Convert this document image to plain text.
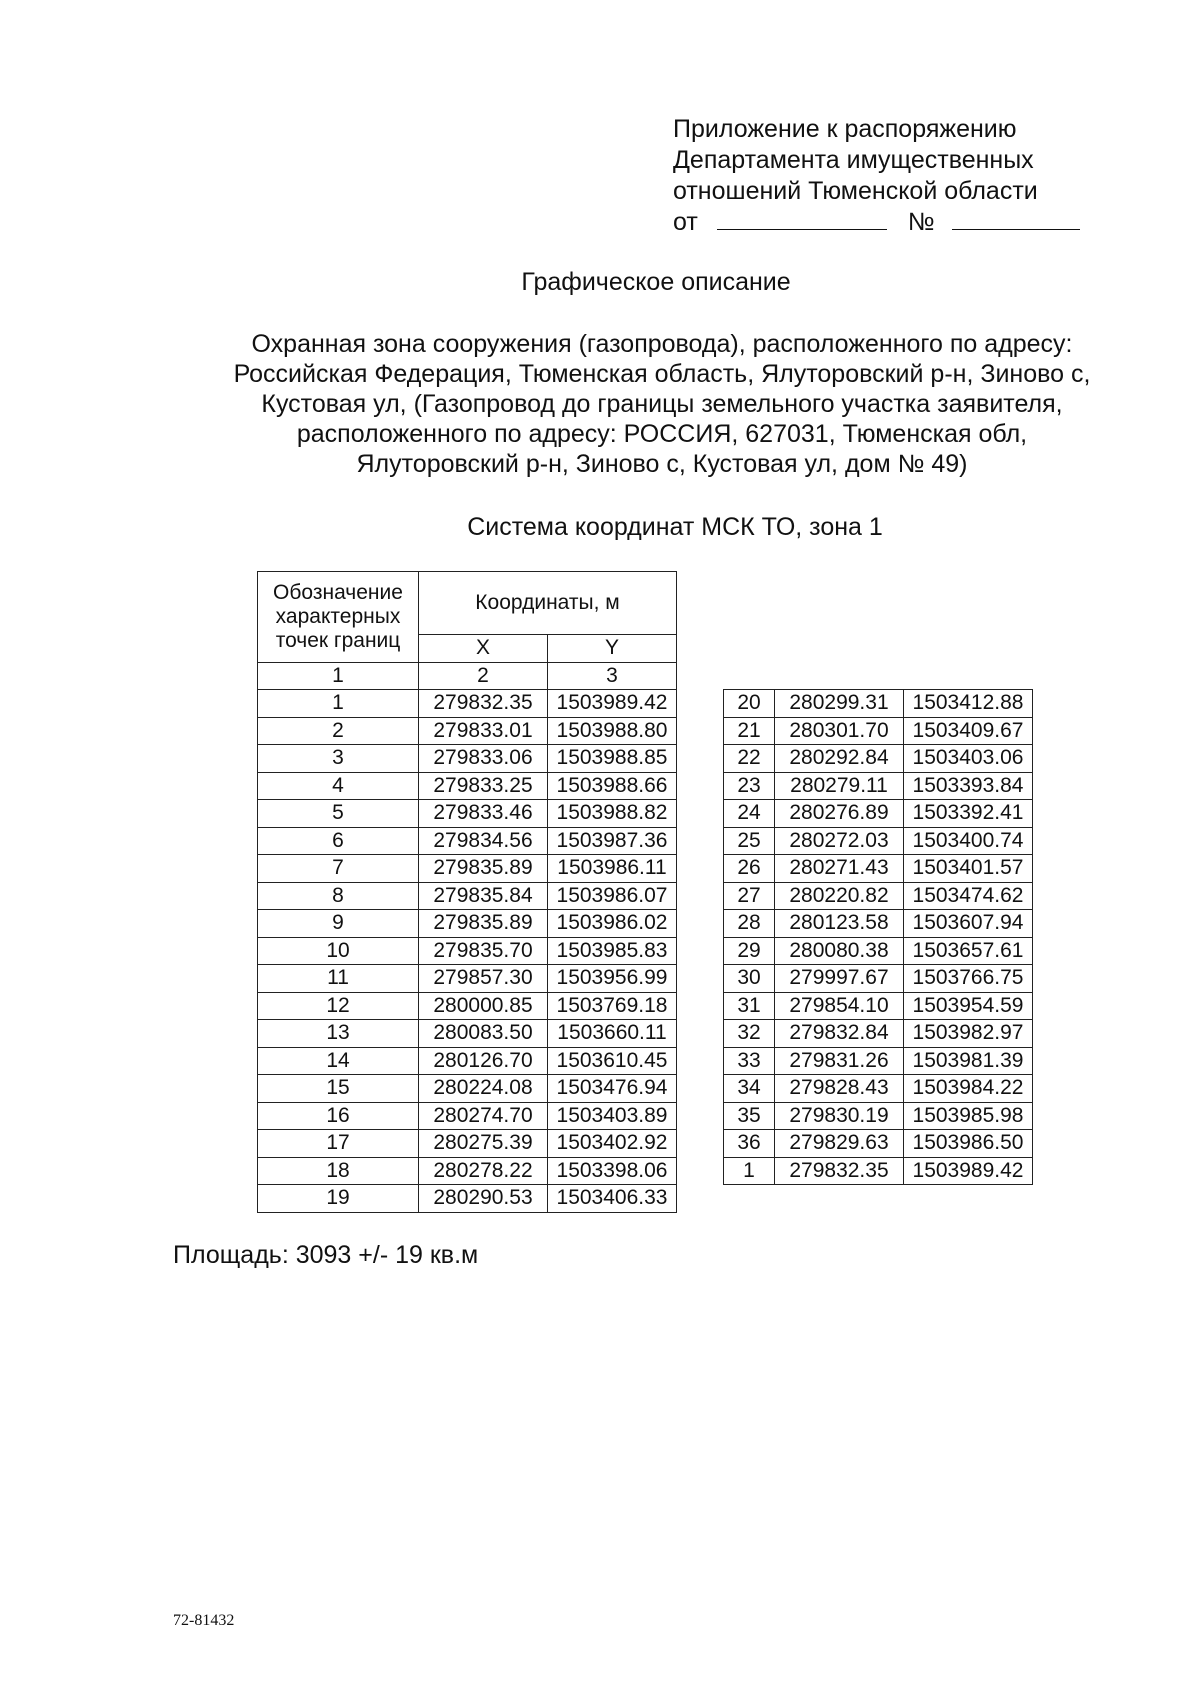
Приложение к распоряжению
Департамента имущественных
отношений Тюменской области
от	№
Графическое описание
Охранная зона сооружения (газопровода), расположенного по адресу:
Российская Федерация, Тюменская область, Ялуторовский р-н, Зиново с,
Кустовая ул, (Газопровод до границы земельного участка заявителя,
расположенного по адресу: РОССИЯ, 627031, Тюменская обл,
Ялуторовский р-н, Зиново с, Кустовая ул, дом № 49)
Система координат МСК ТО, зона 1
Обозначение характерных точек границ	Координаты, м	
	X	Y
1	2	3
1	279832.35	1503989.42
2	279833.01	1503988.80
3	279833.06	1503988.85
4	279833.25	1503988.66
5	279833.46	1503988.82
6	279834.56	1503987.36
7	279835.89	1503986.11
8	279835.84	1503986.07
9	279835.89	1503986.02
10	279835.70	1503985.83
11	279857.30	1503956.99
12	280000.85	1503769.18
13	280083.50	1503660.11
14	280126.70	1503610.45
15	280224.08	1503476.94
16	280274.70	1503403.89
17	280275.39	1503402.92
18	280278.22	1503398.06
19	280290.53	1503406.33
20	280299.31	1503412.88
21	280301.70	1503409.67
22	280292.84	1503403.06
23	280279.11	1503393.84
24	280276.89	1503392.41
25	280272.03	1503400.74
26	280271.43	1503401.57
27	280220.82	1503474.62
28	280123.58	1503607.94
29	280080.38	1503657.61
30	279997.67	1503766.75
31	279854.10	1503954.59
32	279832.84	1503982.97
33	279831.26	1503981.39
34	279828.43	1503984.22
35	279830.19	1503985.98
36	279829.63	1503986.50
1	279832.35	1503989.42
Площадь: 3093 +/- 19 кв.м
72-81432
